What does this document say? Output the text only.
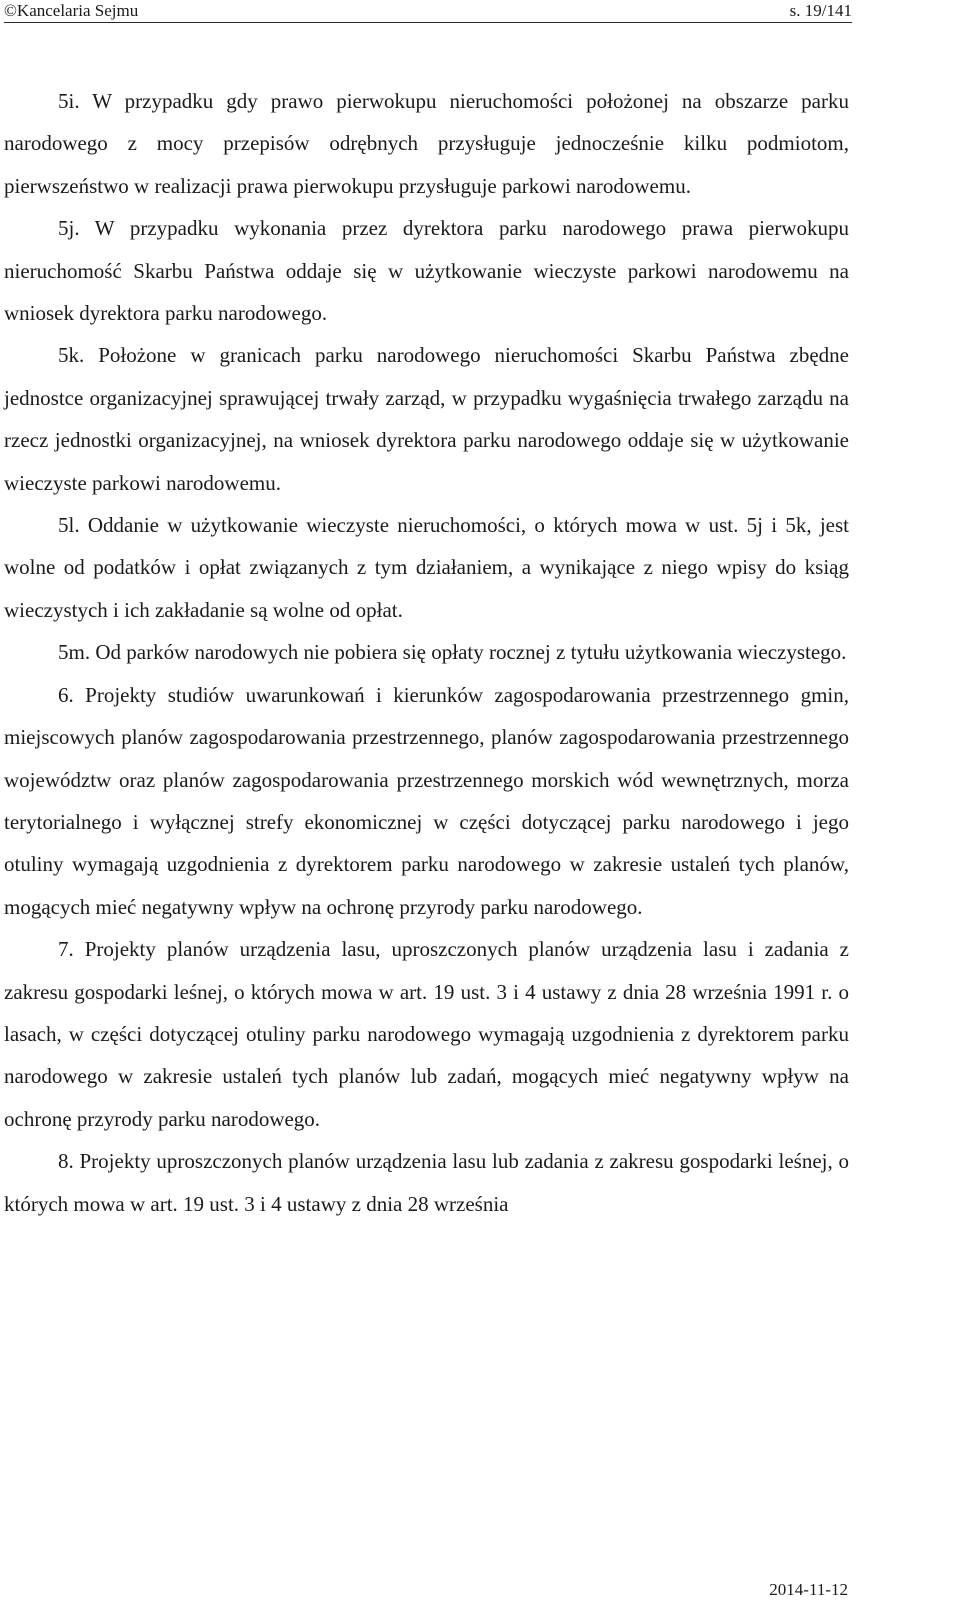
©Kancelaria Sejmu	s. 19/141

5i. W przypadku gdy prawo pierwokupu nieruchomości położonej na obszarze parku narodowego z mocy przepisów odrębnych przysługuje jednocześnie kilku podmiotom, pierwszeństwo w realizacji prawa pierwokupu przysługuje parkowi narodowemu.

5j. W przypadku wykonania przez dyrektora parku narodowego prawa pierwokupu nieruchomość Skarbu Państwa oddaje się w użytkowanie wieczyste parkowi narodowemu na wniosek dyrektora parku narodowego.

5k. Położone w granicach parku narodowego nieruchomości Skarbu Państwa zbędne jednostce organizacyjnej sprawującej trwały zarząd, w przypadku wygaśnięcia trwałego zarządu na rzecz jednostki organizacyjnej, na wniosek dyrektora parku narodowego oddaje się w użytkowanie wieczyste parkowi narodowemu.

5l. Oddanie w użytkowanie wieczyste nieruchomości, o których mowa w ust. 5j i 5k, jest wolne od podatków i opłat związanych z tym działaniem, a wynikające z niego wpisy do ksiąg wieczystych i ich zakładanie są wolne od opłat.

5m. Od parków narodowych nie pobiera się opłaty rocznej z tytułu użytkowania wieczystego.

6. Projekty studiów uwarunkowań i kierunków zagospodarowania przestrzennego gmin, miejscowych planów zagospodarowania przestrzennego, planów zagospodarowania przestrzennego województw oraz planów zagospodarowania przestrzennego morskich wód wewnętrznych, morza terytorialnego i wyłącznej strefy ekonomicznej w części dotyczącej parku narodowego i jego otuliny wymagają uzgodnienia z dyrektorem parku narodowego w zakresie ustaleń tych planów, mogących mieć negatywny wpływ na ochronę przyrody parku narodowego.

7. Projekty planów urządzenia lasu, uproszczonych planów urządzenia lasu i zadania z zakresu gospodarki leśnej, o których mowa w art. 19 ust. 3 i 4 ustawy z dnia 28 września 1991 r. o lasach, w części dotyczącej otuliny parku narodowego wymagają uzgodnienia z dyrektorem parku narodowego w zakresie ustaleń tych planów lub zadań, mogących mieć negatywny wpływ na ochronę przyrody parku narodowego.

8. Projekty uproszczonych planów urządzenia lasu lub zadania z zakresu gospodarki leśnej, o których mowa w art. 19 ust. 3 i 4 ustawy z dnia 28 września

2014-11-12
